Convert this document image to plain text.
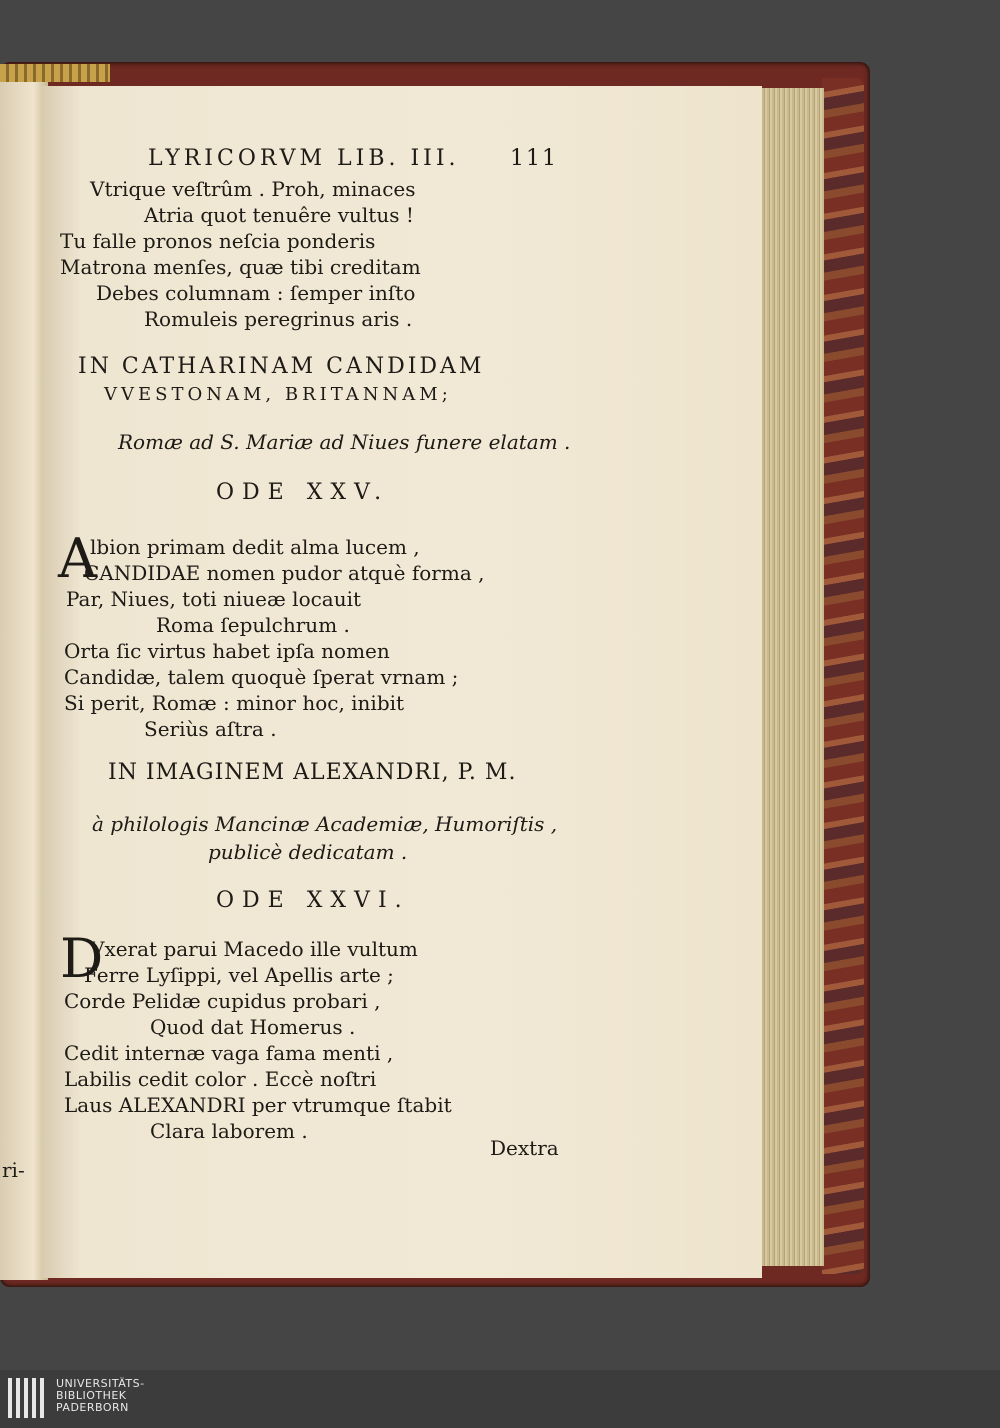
ri-
LYRICORVM LIB. III. 111
Vtrique veſtrûm . Proh, minaces
Atria quot tenuêre vultus !
Tu falle pronos neſcia ponderis
Matrona menſes, quæ tibi creditam
Debes columnam : ſemper inſto
Romuleis peregrinus aris .
IN CATHARINAM CANDIDAM
VVESTONAM, BRITANNAM;
Romæ ad S. Mariæ ad Niues funere elatam .
ODE XXV.
A
lbion primam dedit alma lucem ,
CANDIDAE nomen pudor atquè forma ,
Par, Niues, toti niueæ locauit
Roma ſepulchrum .
Orta ſic virtus habet ipſa nomen
Candidæ, talem quoquè ſperat vrnam ;
Si perit, Romæ : minor hoc, inibit
Seriùs aſtra .
IN IMAGINEM ALEXANDRI, P. M.
à philologis Mancinæ Academiæ, Humoriſtis ,
publicè dedicatam .
ODE XXVI.
D
Vxerat parui Macedo ille vultum
Ferre Lyſippi, vel Apellis arte ;
Corde Pelidæ cupidus probari ,
Quod dat Homerus .
Cedit internæ vaga fama menti ,
Labilis cedit color . Eccè noſtri
Laus ALEXANDRI per vtrumque ſtabit
Clara laborem .
Dextra
UNIVERSITÄTS-
BIBLIOTHEK
PADERBORN
